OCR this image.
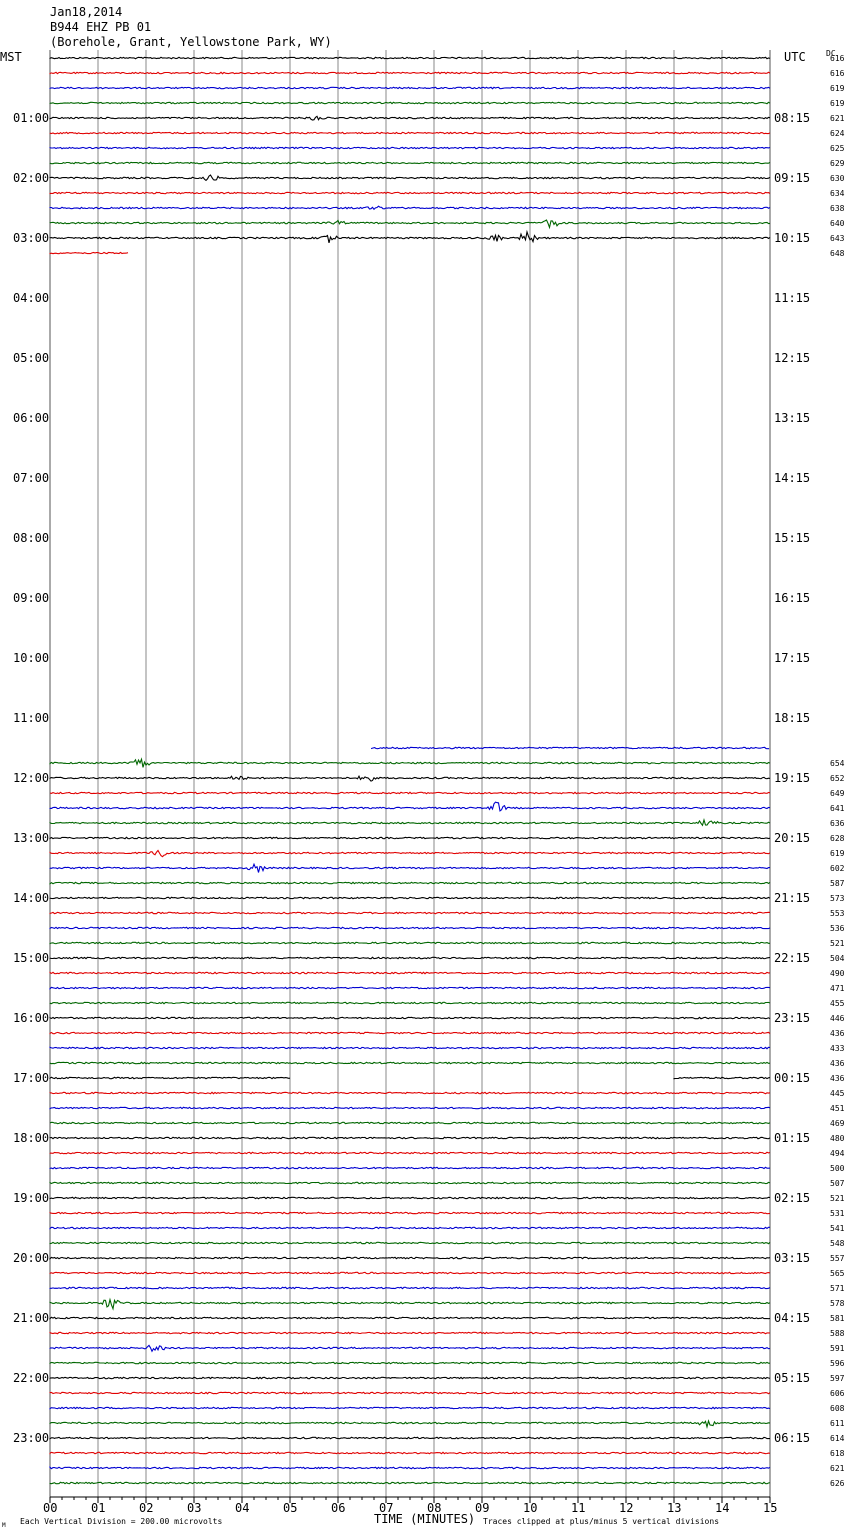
Jan18,2014
B944 EHZ PB 01
(Borehole, Grant, Yellowstone Park, WY)
MST	UTC	DC
01:00
02:00
03:00
04:00
05:00
06:00
07:00
08:00
09:00
10:00
11:00
12:00
13:00
14:00
15:00
16:00
17:00
18:00
19:00
20:00
21:00
22:00
23:00
08:15
09:15
10:15
11:15
12:15
13:15
14:15
15:15
16:15
17:15
18:15
19:15
20:15
21:15
22:15
23:15
00:15
01:15
02:15
03:15
04:15
05:15
06:15
616
616
619
619
621
624
625
629
630
634
638
640
643
648
654
652
649
641
636
628
619
602
587
573
553
536
521
504
490
471
455
446
436
433
436
436
445
451
469
480
494
500
507
521
531
541
548
557
565
571
578
581
588
591
596
597
606
608
611
614
618
621
626
00	01	02	03	04	05	06	07	08	09	10	11	12	13	14	15
Each Vertical Division = 200.00 microvolts	TIME (MINUTES) Traces clipped at plus/minus 5 vertical divisions
M
